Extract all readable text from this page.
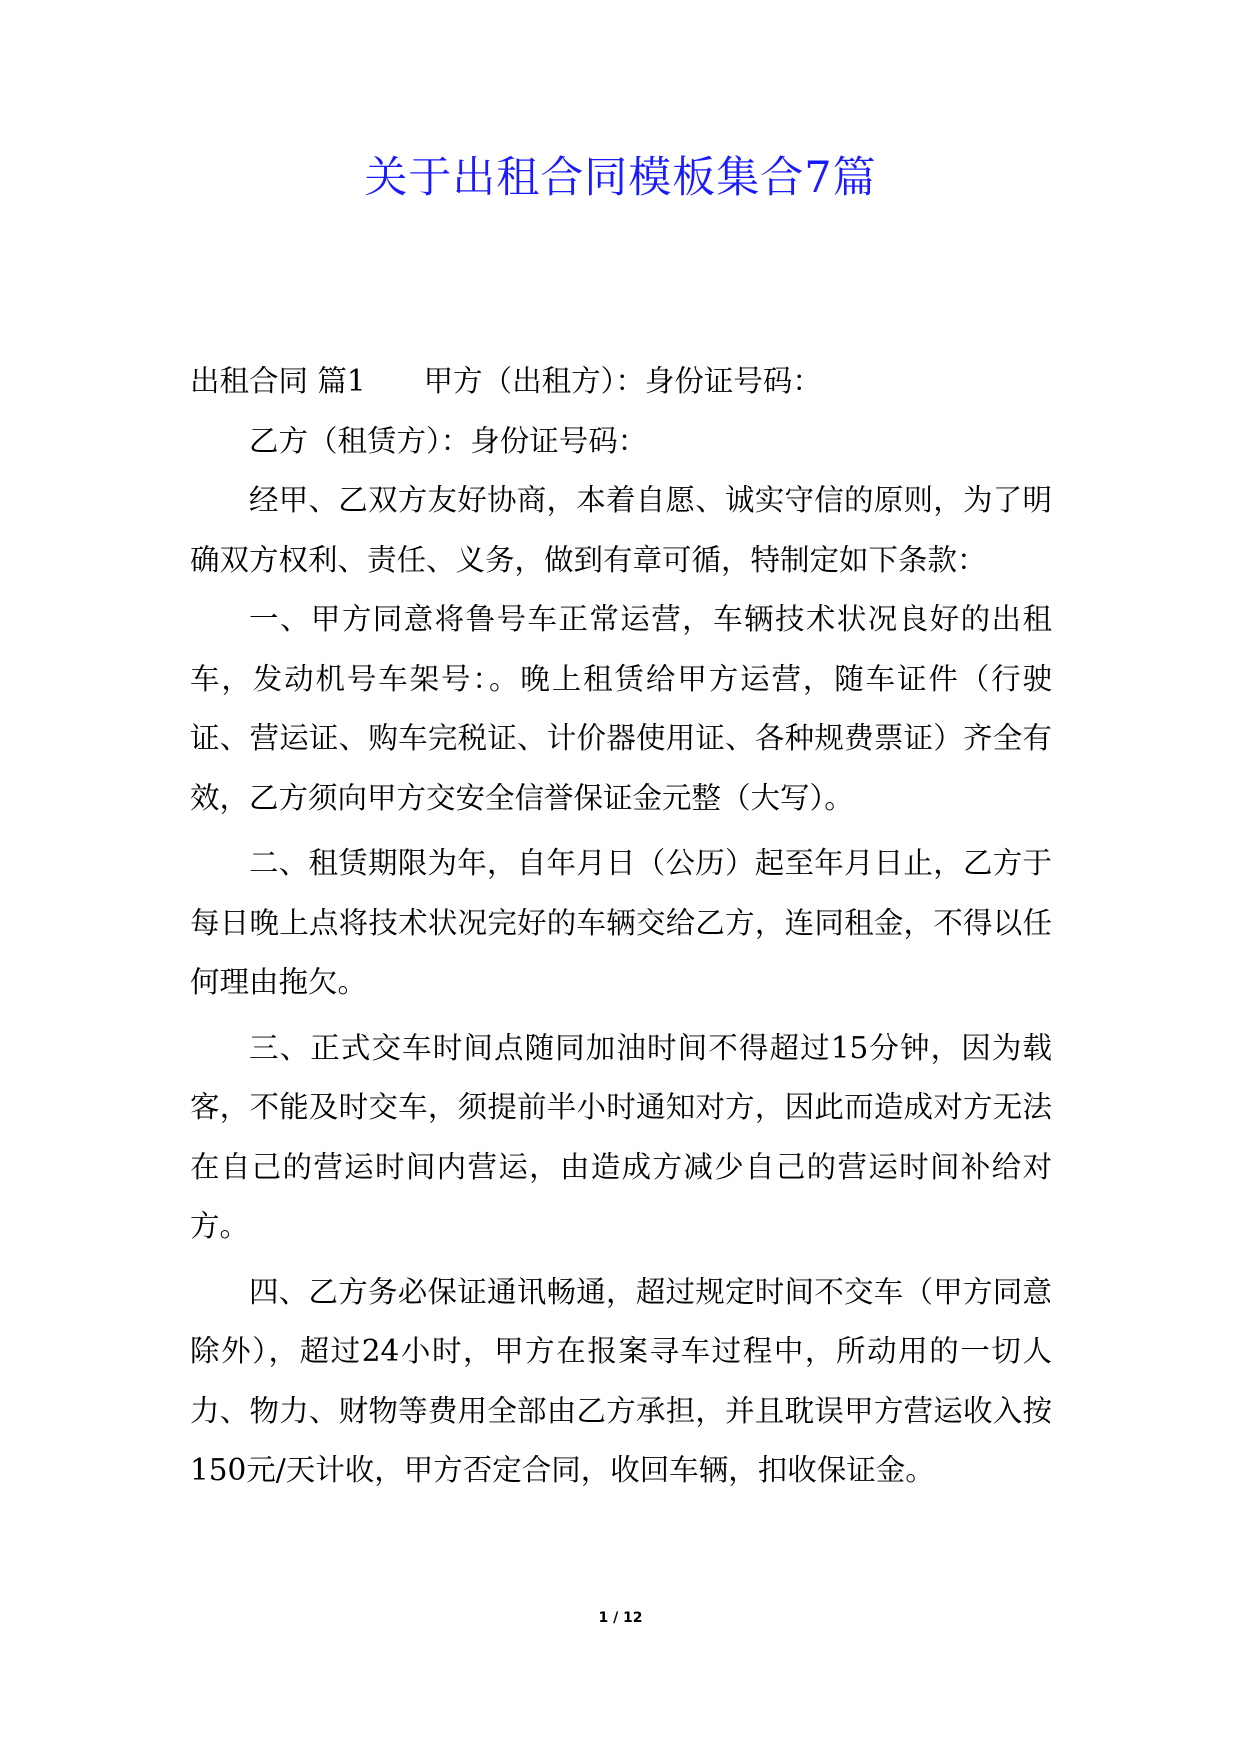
关于出租合同模板集合7篇

出租合同 篇1 甲方（出租方）：身份证号码：

乙方（租赁方）：身份证号码：

经甲、乙双方友好协商，本着自愿、诚实守信的原则，为了明确双方权利、责任、义务，做到有章可循，特制定如下条款：

一、甲方同意将鲁号车正常运营，车辆技术状况良好的出租车，发动机号车架号：。晚上租赁给甲方运营，随车证件（行驶证、营运证、购车完税证、计价器使用证、各种规费票证）齐全有效，乙方须向甲方交安全信誉保证金元整（大写）。

二、租赁期限为年，自年月日（公历）起至年月日止，乙方于每日晚上点将技术状况完好的车辆交给乙方，连同租金，不得以任何理由拖欠。

三、正式交车时间点随同加油时间不得超过15分钟，因为载客，不能及时交车，须提前半小时通知对方，因此而造成对方无法在自己的营运时间内营运，由造成方减少自己的营运时间补给对方。

四、乙方务必保证通讯畅通，超过规定时间不交车（甲方同意除外），超过24小时，甲方在报案寻车过程中，所动用的一切人力、物力、财物等费用全部由乙方承担，并且耽误甲方营运收入按150元/天计收，甲方否定合同，收回车辆，扣收保证金。

1 / 12
